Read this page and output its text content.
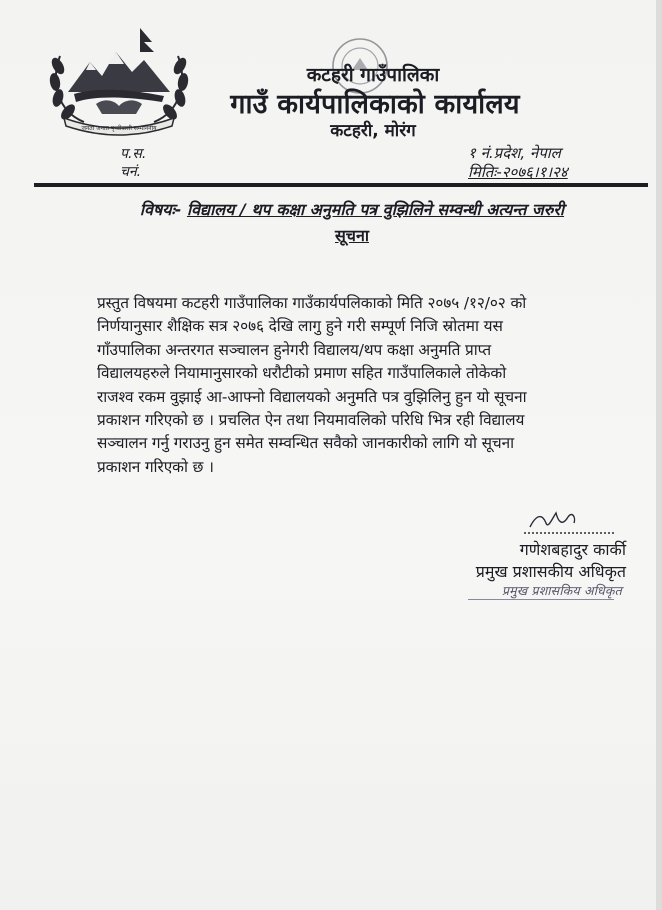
जनता जनता पृथ्वीवासी सम्माननीय
कटहरी गाउँपालिका
गाउँ कार्यपालिकाको कार्यालय
कटहरी, मोरंग
प.स.
चनं.
१ नं.प्रदेश, नेपाल
मितिः-२०७६।१।२४
विषयः- विद्यालय / थप कक्षा अनुमति पत्र वुझिलिने सम्वन्धी अत्यन्त जरुरी
सूचना
प्रस्तुत विषयमा कटहरी गाउँपालिका गाउँकार्यपलिकाको मिति २०७५ /१२/०२ को
निर्णयानुसार शैक्षिक सत्र २०७६ देखि लागु हुने गरी सम्पूर्ण निजि स्रोतमा यस
गाँउपालिका अन्तरगत सञ्चालन हुनेगरी विद्यालय/थप कक्षा अनुमति प्राप्त
विद्यालयहरुले नियामानुसारको धरौटीको प्रमाण सहित गाउँपालिकाले तोकेको
राजश्व रकम वुझाई आ-आफ्नो विद्यालयको अनुमति पत्र वुझिलिनु हुन यो सूचना
प्रकाशन गरिएको छ । प्रचलित ऐन तथा नियमावलिको परिधि भित्र रही विद्यालय
सञ्चालन गर्नु गराउनु हुन समेत सम्वन्धित सवैको जानकारीको लागि यो सूचना
प्रकाशन गरिएको छ ।
गणेशबहादुर कार्की
प्रमुख प्रशासकीय अधिकृत
प्रमुख प्रशासकिय अधिकृत
